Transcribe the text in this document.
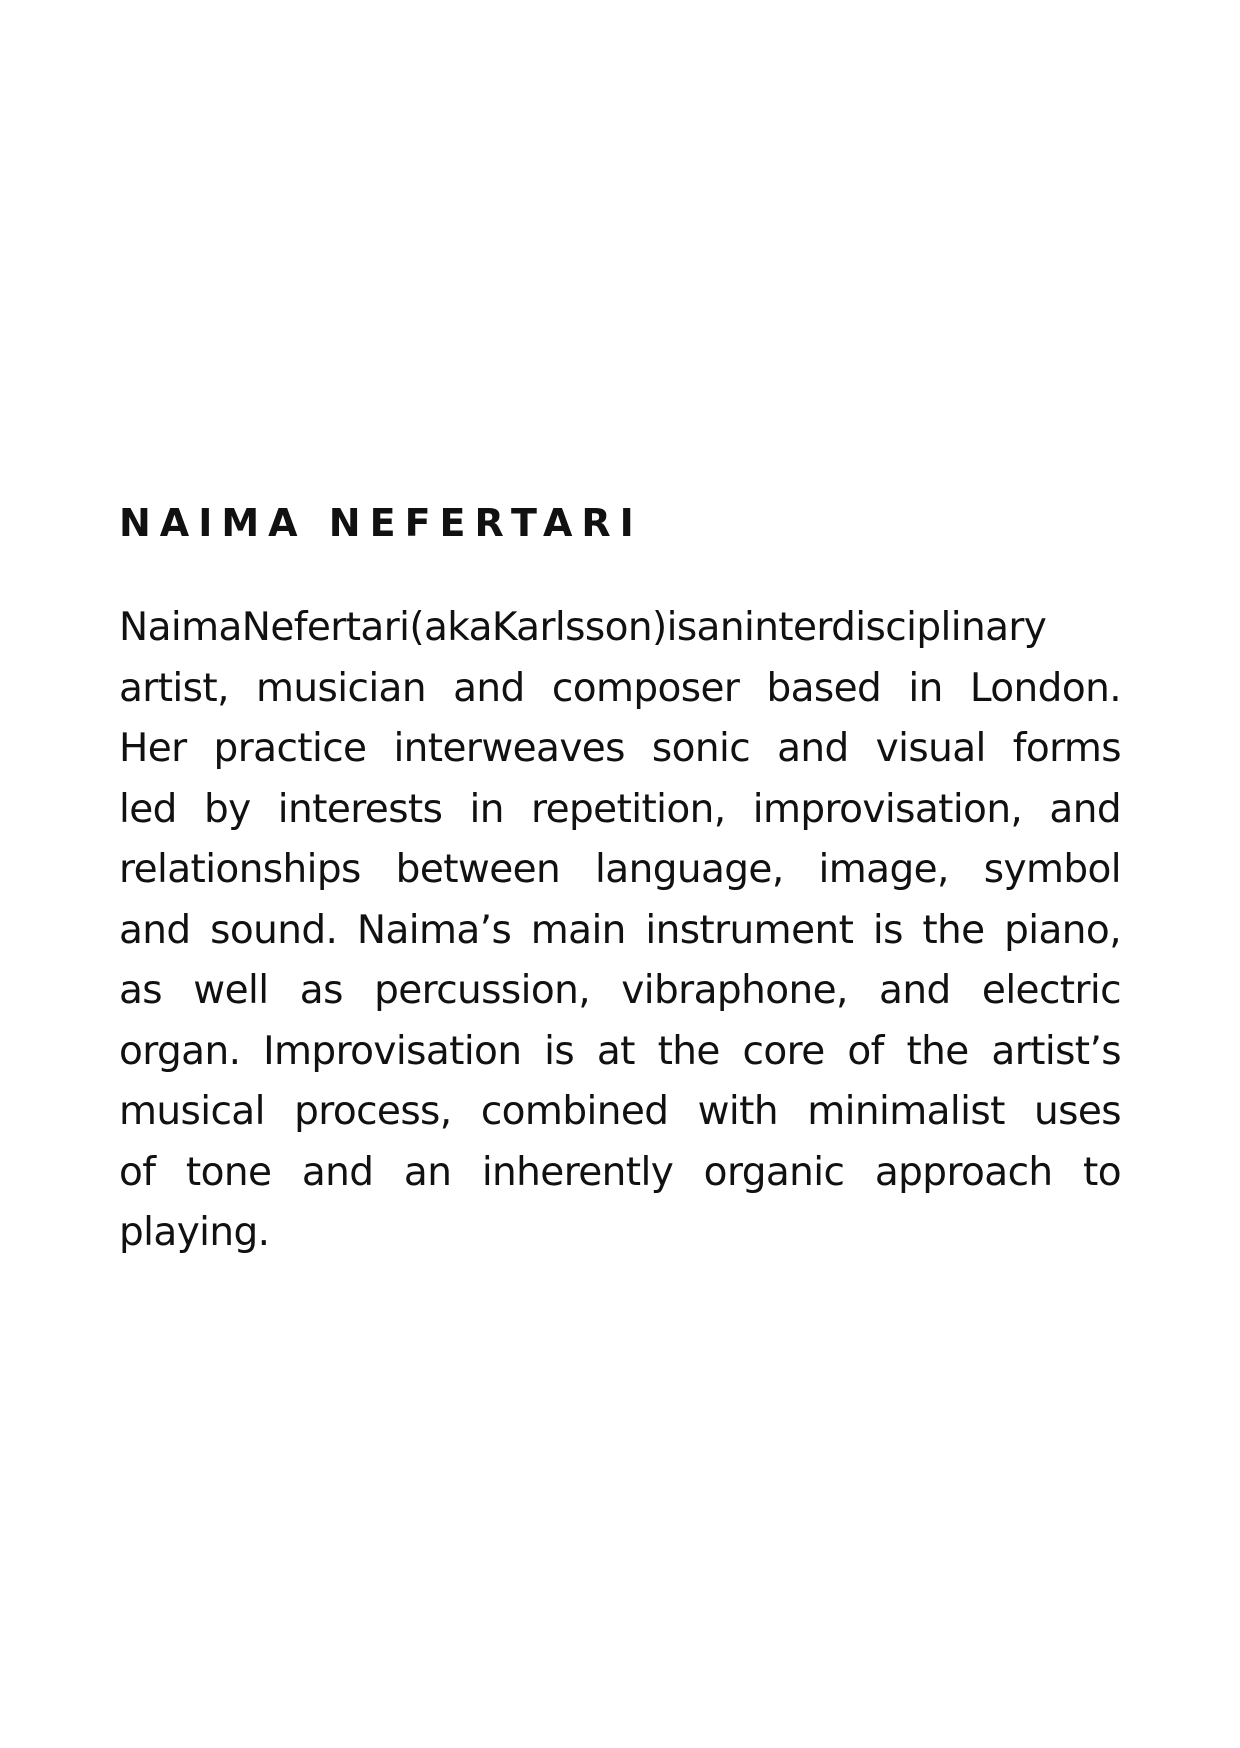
NAIMA NEFERTARI

NaimaNefertari(akaKarlsson)isaninterdisciplinary
artist, musician and composer based in London.
Her practice interweaves sonic and visual forms
led by interests in repetition, improvisation, and
relationships between language, image, symbol
and sound. Naima’s main instrument is the piano,
as well as percussion, vibraphone, and electric
organ. Improvisation is at the core of the artist’s
musical process, combined with minimalist uses
of tone and an inherently organic approach to
playing.
